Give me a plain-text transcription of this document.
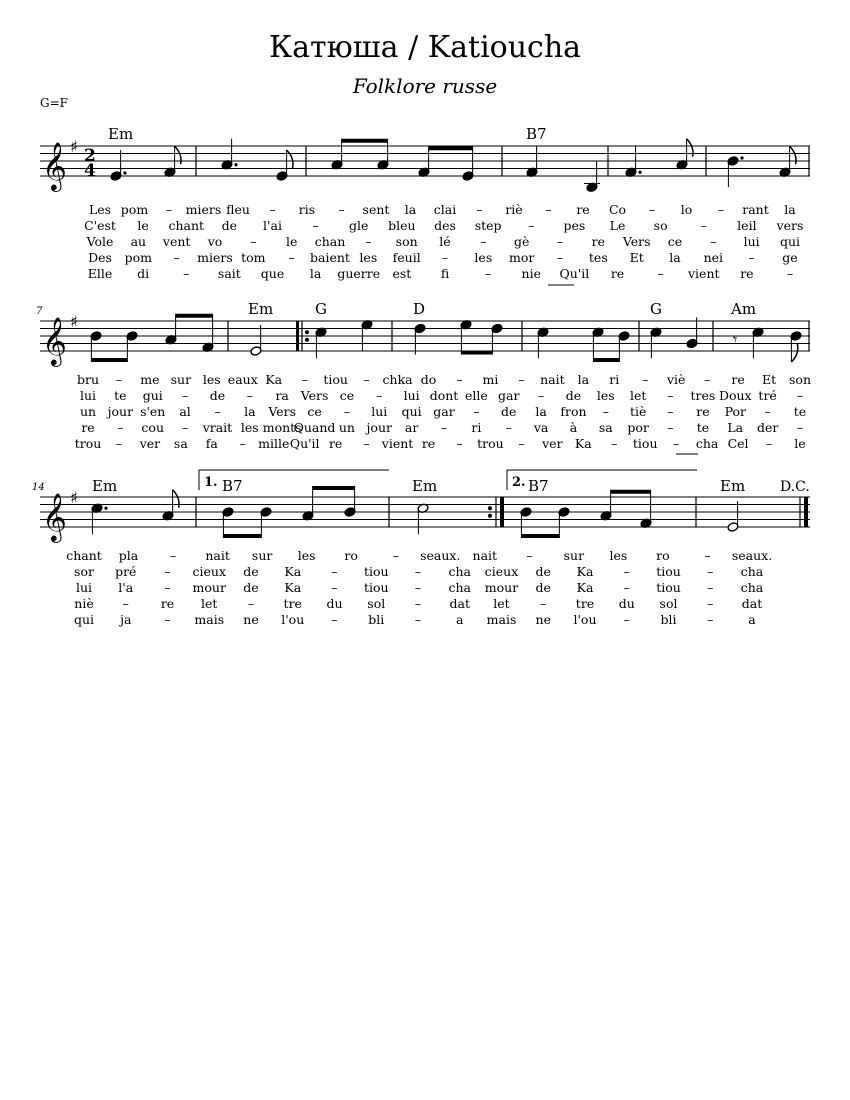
Катюша / Katioucha
Folklore russe
G=F
Em	B7
Em	G	D	G	Am
Em	B7	Em	B7	Em
7
14	1.	2.	D.C.
Les pom – miers fleu – ris – sent la clai – riè – re Co – lo – rant la
C'est le chant de l'ai – gle bleu des step – pes Le so	– leil vers
Vole au vent vo – le chan – son lé – gè – re Vers ce – lui qui
Des pom – miers tom – baient les feuil – les mor – tes Et la nei – ge
Elle di	– sait que la guerre est fi	– nie Qu'il re	– vient re	–
bru – me sur les eaux Ka – tiou – chka do – mi – nait la ri – viè – re Et son
lui te gui – de – ra Vers ce – lui dont elle gar – de les let – tres Doux tré –
un jour s'en al – la Vers ce – lui qui gar – de la fron – tiè – re Por – te
re – cou – vrait les monts
Quand un jour ar – ri – va à sa por – te La der –
trou – ver sa fa – mille Qu'il re – vient re – trou – ver Ka – tiou – cha Cel – le
chant pla	– nait sur les ro	– seaux. nait – sur les ro	– seaux.
sor pré – cieux de Ka – tiou – cha cieux de Ka – tiou – cha
lui l'a – mour de Ka – tiou – cha mour de Ka – tiou – cha
niè –	re let – tre du sol – dat let – tre du sol – dat
qui ja	– mais ne l'ou – bli –	a mais ne l'ou – bli –	a
𝄞 ♯
𝄞 ♯
𝄞 ♯
2
4
𝄾
